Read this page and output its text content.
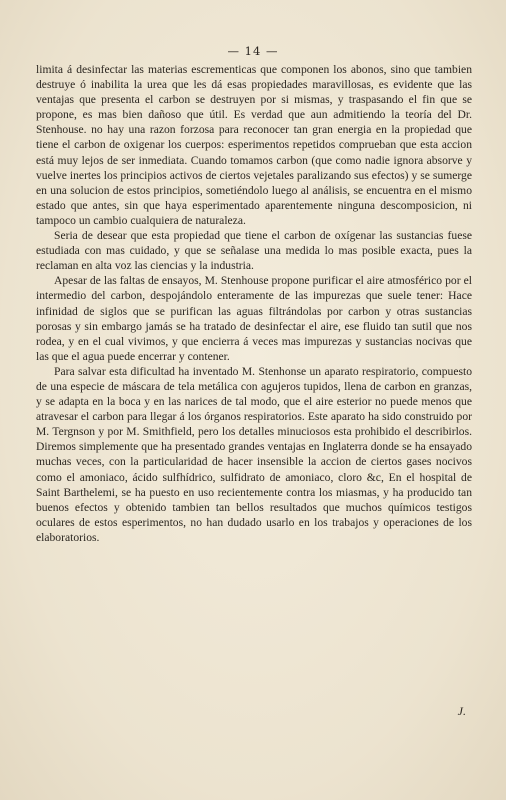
— 14 —

limita á desinfectar las materias escrementicas que componen los abonos, sino que tambien destruye ó inabilita la urea que les dá esas propiedades maravillosas, es evidente que las ventajas que presenta el carbon se destruyen por si mismas, y traspasando el fin que se propone, es mas bien dañoso que útil. Es verdad que aun admitiendo la teoría del Dr. Stenhouse. no hay una razon forzosa para reconocer tan gran energia en la propiedad que tiene el carbon de oxigenar los cuerpos: esperimentos repetidos comprueban que esta accion está muy lejos de ser inmediata. Cuando tomamos carbon (que como nadie ignora absorve y vuelve inertes los principios activos de ciertos vejetales paralizando sus efectos) y se sumerge en una solucion de estos principios, sometiéndolo luego al análisis, se encuentra en el mismo estado que antes, sin que haya esperimentado aparentemente ninguna descomposicion, ni tampoco un cambio cualquiera de naturaleza.

Seria de desear que esta propiedad que tiene el carbon de oxígenar las sustancias fuese estudiada con mas cuidado, y que se señalase una medida lo mas posible exacta, pues la reclaman en alta voz las ciencias y la industria.

Apesar de las faltas de ensayos, M. Stenhouse propone purificar el aire atmosférico por el intermedio del carbon, despojándolo enteramente de las impurezas que suele tener: Hace infinidad de siglos que se purifican las aguas filtrándolas por carbon y otras sustancias porosas y sin embargo jamás se ha tratado de desinfectar el aire, ese fluido tan sutil que nos rodea, y en el cual vivimos, y que encierra á veces mas impurezas y sustancias nocivas que las que el agua puede encerrar y contener.

Para salvar esta dificultad ha inventado M. Stenhonse un aparato respiratorio, compuesto de una especie de máscara de tela metálica con agujeros tupidos, llena de carbon en granzas, y se adapta en la boca y en las narices de tal modo, que el aire esterior no puede menos que atravesar el carbon para llegar á los órganos respiratorios. Este aparato ha sido construido por M. Tergnson y por M. Smithfield, pero los detalles minuciosos esta prohibido el describirlos. Diremos simplemente que ha presentado grandes ventajas en Inglaterra donde se ha ensayado muchas veces, con la particularidad de hacer insensible la accion de ciertos gases nocivos como el amoniaco, ácido sulfhídrico, sulfidrato de amoniaco, cloro &c, En el hospital de Saint Barthelemi, se ha puesto en uso recientemente contra los miasmas, y ha producido tan buenos efectos y obtenido tambien tan bellos resultados que muchos químicos testigos oculares de estos esperimentos, no han dudado usarlo en los trabajos y operaciones de los elaboratorios.

J.
